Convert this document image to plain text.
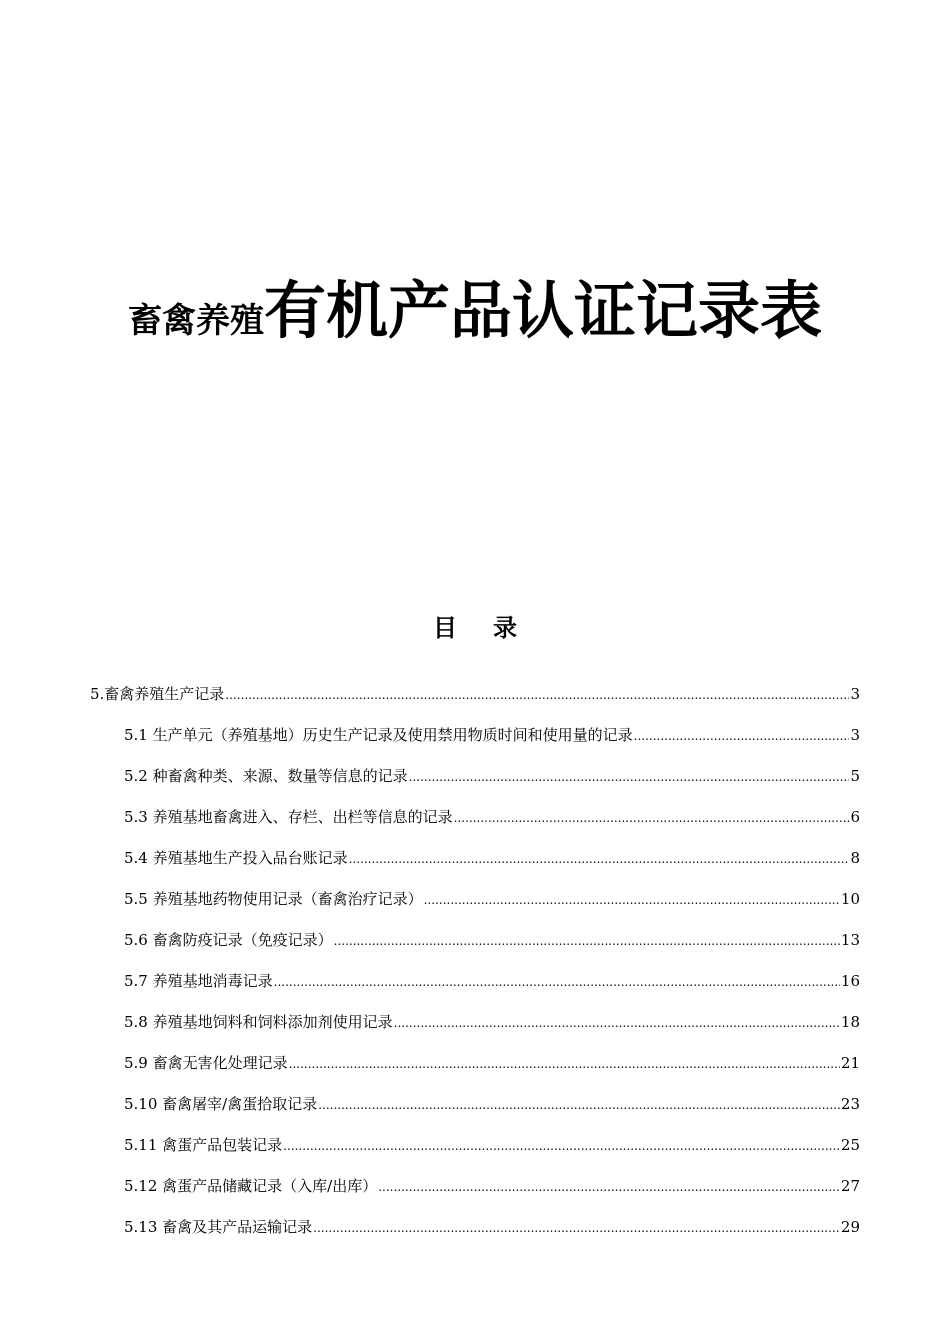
畜禽养殖有机产品认证记录表
目录
5.畜禽养殖生产记录 .....	3
5.1 生产单元（养殖基地）历史生产记录及使用禁用物质时间和使用量的记录 .....	3
5.2 种畜禽种类、来源、数量等信息的记录 .....	5
5.3 养殖基地畜禽进入、存栏、出栏等信息的记录 .....	6
5.4 养殖基地生产投入品台账记录 .....	8
5.5 养殖基地药物使用记录（畜禽治疗记录） .....	10
5.6 畜禽防疫记录（免疫记录） .....	13
5.7 养殖基地消毒记录 .....	16
5.8 养殖基地饲料和饲料添加剂使用记录 .....	18
5.9 畜禽无害化处理记录 .....	21
5.10 畜禽屠宰/禽蛋拾取记录 .....	23
5.11 禽蛋产品包装记录 .....	25
5.12 禽蛋产品储藏记录（入库/出库） .....	27
5.13 畜禽及其产品运输记录 .....	29
